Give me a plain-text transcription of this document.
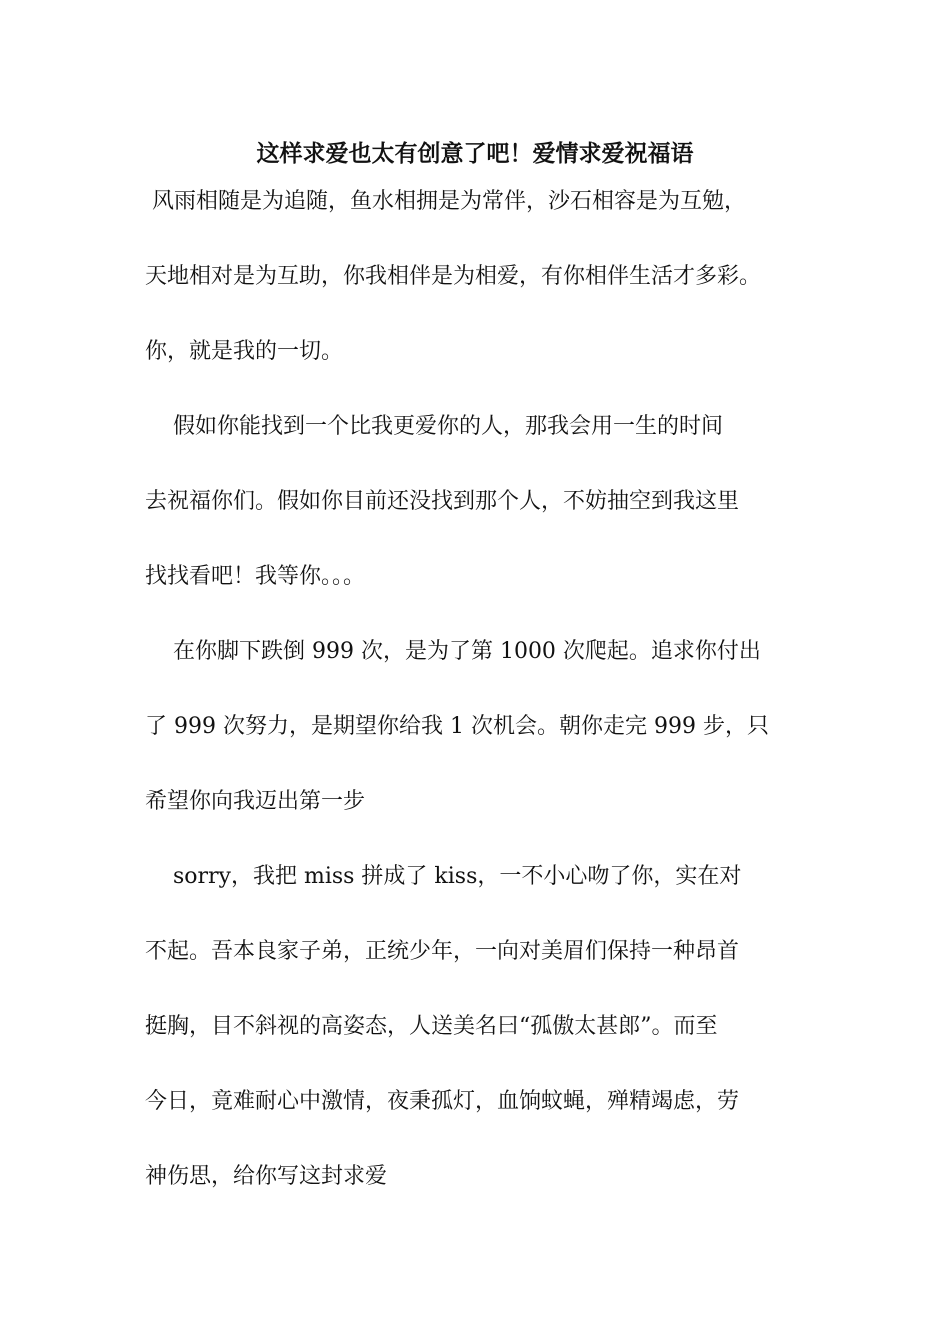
这样求爱也太有创意了吧！爱情求爱祝福语
风雨相随是为追随，鱼水相拥是为常伴，沙石相容是为互勉，
天地相对是为互助，你我相伴是为相爱，有你相伴生活才多彩。
你，就是我的一切。
假如你能找到一个比我更爱你的人，那我会用一生的时间
去祝福你们。假如你目前还没找到那个人，不妨抽空到我这里
找找看吧！我等你。。。
在你脚下跌倒 999 次，是为了第 1000 次爬起。追求你付出
了 999 次努力，是期望你给我 1 次机会。朝你走完 999 步，只
希望你向我迈出第一步
sorry，我把 miss 拼成了 kiss，一不小心吻了你，实在对
不起。吾本良家子弟，正统少年，一向对美眉们保持一种昂首
挺胸，目不斜视的高姿态，人送美名曰“孤傲太甚郎”。而至
今日，竟难耐心中激情，夜秉孤灯，血饷蚊蝇，殚精竭虑，劳
神伤思，给你写这封求爱
